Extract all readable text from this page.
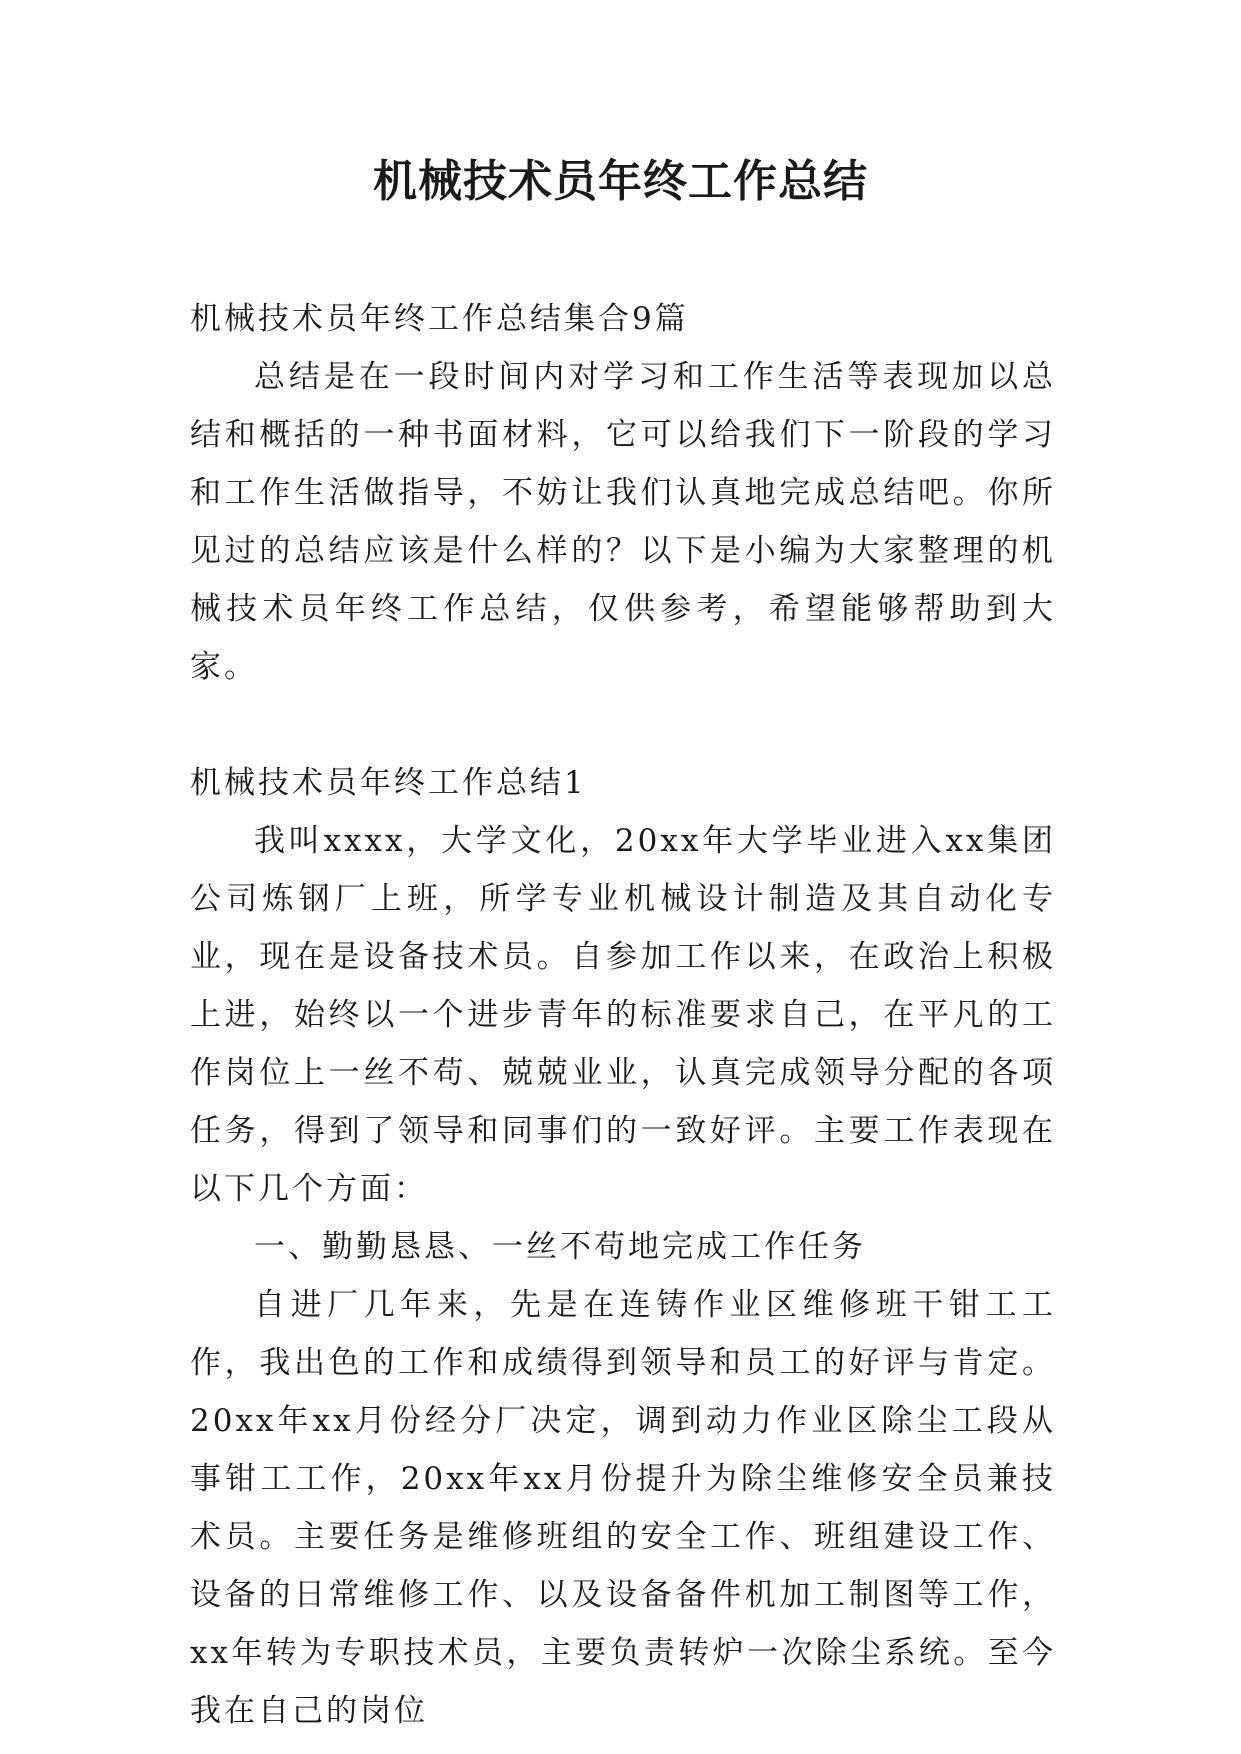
机械技术员年终工作总结

机械技术员年终工作总结集合9篇

总结是在一段时间内对学习和工作生活等表现加以总结和概括的一种书面材料，它可以给我们下一阶段的学习和工作生活做指导，不妨让我们认真地完成总结吧。你所见过的总结应该是什么样的？以下是小编为大家整理的机械技术员年终工作总结，仅供参考，希望能够帮助到大家。

机械技术员年终工作总结1

我叫xxxx，大学文化，20xx年大学毕业进入xx集团公司炼钢厂上班，所学专业机械设计制造及其自动化专业，现在是设备技术员。自参加工作以来，在政治上积极上进，始终以一个进步青年的标准要求自己，在平凡的工作岗位上一丝不苟、兢兢业业，认真完成领导分配的各项任务，得到了领导和同事们的一致好评。主要工作表现在以下几个方面：

一、勤勤恳恳、一丝不苟地完成工作任务

自进厂几年来，先是在连铸作业区维修班干钳工工作，我出色的工作和成绩得到领导和员工的好评与肯定。20xx年xx月份经分厂决定，调到动力作业区除尘工段从事钳工工作，20xx年xx月份提升为除尘维修安全员兼技术员。主要任务是维修班组的安全工作、班组建设工作、设备的日常维修工作、以及设备备件机加工制图等工作，xx年转为专职技术员，主要负责转炉一次除尘系统。至今我在自己的岗位
